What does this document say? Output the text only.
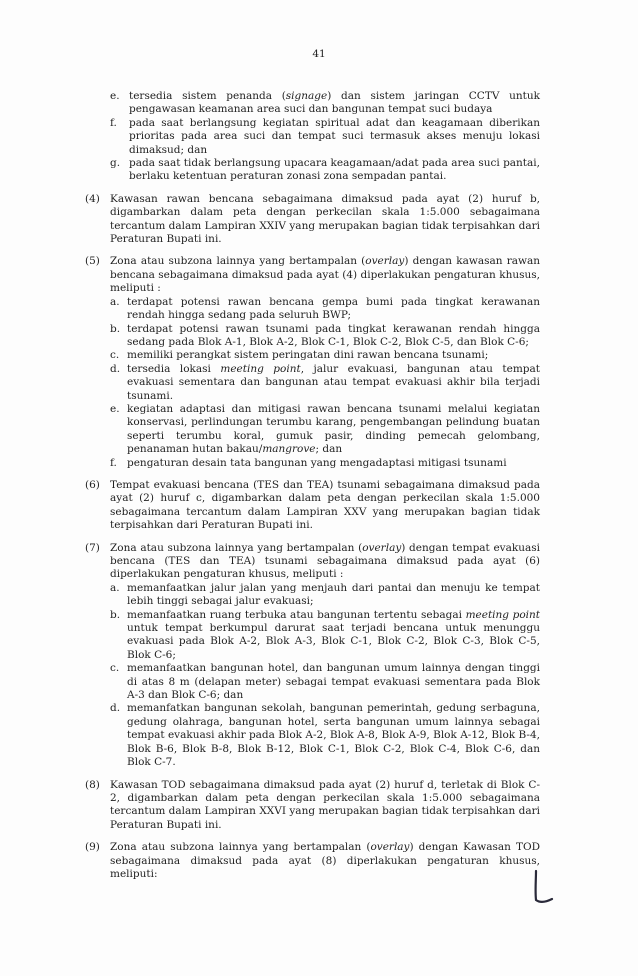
41
e. tersedia sistem penanda (signage) dan sistem jaringan CCTV untuk pengawasan keamanan area suci dan bangunan tempat suci budaya
f.	pada saat berlangsung kegiatan spiritual adat dan keagamaan diberikan prioritas pada area suci dan tempat suci termasuk akses menuju lokasi dimaksud; dan
g. pada saat tidak berlangsung upacara keagamaan/adat pada area suci pantai, berlaku ketentuan peraturan zonasi zona sempadan pantai.
(4) Kawasan rawan bencana sebagaimana dimaksud pada ayat (2) huruf b, digambarkan dalam peta dengan perkecilan skala 1:5.000 sebagaimana tercantum dalam Lampiran XXIV yang merupakan bagian tidak terpisahkan dari Peraturan Bupati ini.
(5) Zona atau subzona lainnya yang bertampalan (overlay) dengan kawasan rawan bencana sebagaimana dimaksud pada ayat (4) diperlakukan pengaturan khusus, meliputi :
a. terdapat potensi rawan bencana gempa bumi pada tingkat kerawanan rendah hingga sedang pada seluruh BWP;
b. terdapat potensi rawan tsunami pada tingkat kerawanan rendah hingga sedang pada Blok A-1, Blok A-2, Blok C-1, Blok C-2, Blok C-5, dan Blok C-6;
c. memiliki perangkat sistem peringatan dini rawan bencana tsunami;
d. tersedia lokasi meeting point, jalur evakuasi, bangunan atau tempat evakuasi sementara dan bangunan atau tempat evakuasi akhir bila terjadi tsunami.
e. kegiatan adaptasi dan mitigasi rawan bencana tsunami melalui kegiatan konservasi, perlindungan terumbu karang, pengembangan pelindung buatan seperti terumbu koral, gumuk pasir, dinding pemecah gelombang, penanaman hutan bakau/mangrove; dan
f. pengaturan desain tata bangunan yang mengadaptasi mitigasi tsunami
(6) Tempat evakuasi bencana (TES dan TEA) tsunami sebagaimana dimaksud pada ayat (2) huruf c, digambarkan dalam peta dengan perkecilan skala 1:5.000 sebagaimana tercantum dalam Lampiran XXV yang merupakan bagian tidak terpisahkan dari Peraturan Bupati ini.
(7) Zona atau subzona lainnya yang bertampalan (overlay) dengan tempat evakuasi bencana (TES dan TEA) tsunami sebagaimana dimaksud pada ayat (6) diperlakukan pengaturan khusus, meliputi :
a. memanfaatkan jalur jalan yang menjauh dari pantai dan menuju ke tempat lebih tinggi sebagai jalur evakuasi;
b. memanfaatkan ruang terbuka atau bangunan tertentu sebagai meeting point untuk tempat berkumpul darurat saat terjadi bencana untuk menunggu evakuasi pada Blok A-2, Blok A-3, Blok C-1, Blok C-2, Blok C-3, Blok C-5, Blok C-6;
c. memanfaatkan bangunan hotel, dan bangunan umum lainnya dengan tinggi di atas 8 m (delapan meter) sebagai tempat evakuasi sementara pada Blok A-3 dan Blok C-6; dan
d. memanfatkan bangunan sekolah, bangunan pemerintah, gedung serbaguna, gedung olahraga, bangunan hotel, serta bangunan umum lainnya sebagai tempat evakuasi akhir pada Blok A-2, Blok A-8, Blok A-9, Blok A-12, Blok B-4, Blok B-6, Blok B-8, Blok B-12, Blok C-1, Blok C-2, Blok C-4, Blok C-6, dan Blok C-7.
(8) Kawasan TOD sebagaimana dimaksud pada ayat (2) huruf d, terletak di Blok C-2, digambarkan dalam peta dengan perkecilan skala 1:5.000 sebagaimana tercantum dalam Lampiran XXVI yang merupakan bagian tidak terpisahkan dari Peraturan Bupati ini.
(9) Zona atau subzona lainnya yang bertampalan (overlay) dengan Kawasan TOD sebagaimana dimaksud pada ayat (8) diperlakukan pengaturan khusus, meliputi:
